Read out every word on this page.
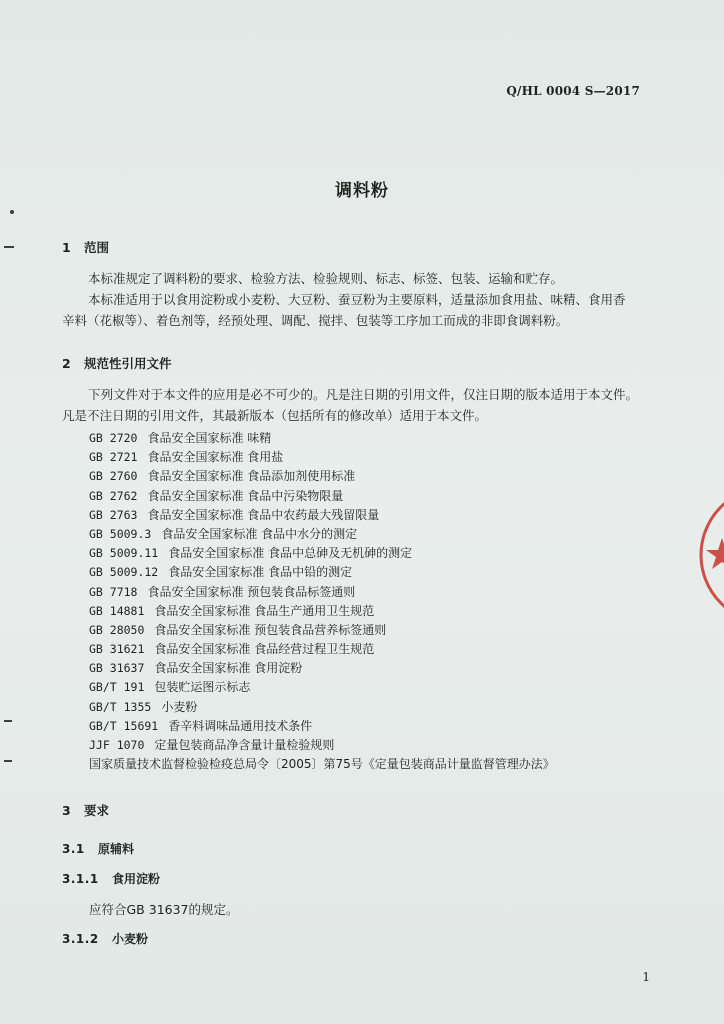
Q/HL 0004 S—2017
调料粉
1 范围
本标准规定了调料粉的要求、检验方法、检验规则、标志、标签、包装、运输和贮存。
本标准适用于以食用淀粉或小麦粉、大豆粉、蚕豆粉为主要原料，适量添加食用盐、味精、食用香
辛料（花椒等）、着色剂等，经预处理、调配、搅拌、包装等工序加工而成的非即食调料粉。
2 规范性引用文件
下列文件对于本文件的应用是必不可少的。凡是注日期的引用文件，仅注日期的版本适用于本文件。
凡是不注日期的引用文件，其最新版本（包括所有的修改单）适用于本文件。
GB 2720 食品安全国家标准 味精
GB 2721 食品安全国家标准 食用盐
GB 2760 食品安全国家标准 食品添加剂使用标准
GB 2762 食品安全国家标准 食品中污染物限量
GB 2763 食品安全国家标准 食品中农药最大残留限量
GB 5009.3 食品安全国家标准 食品中水分的测定
GB 5009.11 食品安全国家标准 食品中总砷及无机砷的测定
GB 5009.12 食品安全国家标准 食品中铅的测定
GB 7718 食品安全国家标准 预包装食品标签通则
GB 14881 食品安全国家标准 食品生产通用卫生规范
GB 28050 食品安全国家标准 预包装食品营养标签通则
GB 31621 食品安全国家标准 食品经营过程卫生规范
GB 31637 食品安全国家标准 食用淀粉
GB/T 191 包装贮运图示标志
GB/T 1355 小麦粉
GB/T 15691 香辛料调味品通用技术条件
JJF 1070 定量包装商品净含量计量检验规则
国家质量技术监督检验检疫总局令〔2005〕第75号《定量包装商品计量监督管理办法》
3 要求
3.1 原辅料
3.1.1 食用淀粉
应符合GB 31637的规定。
3.1.2 小麦粉
1
